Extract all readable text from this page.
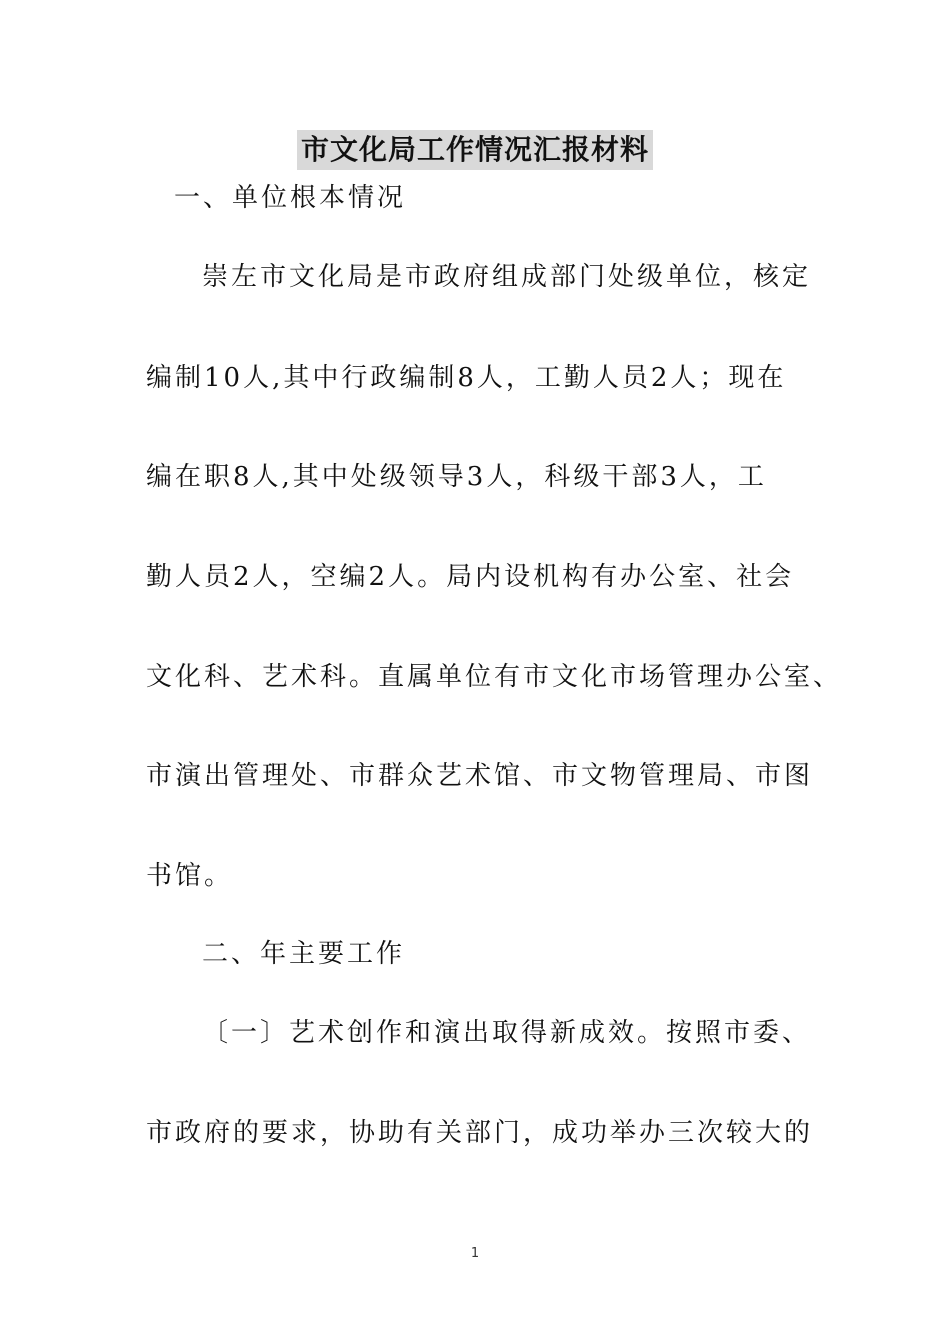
市文化局工作情况汇报材料
一、单位根本情况
崇左市文化局是市政府组成部门处级单位，核定
编制10人,其中行政编制8人，工勤人员2人；现在
编在职8人,其中处级领导3人，科级干部3人，工
勤人员2人，空编2人。局内设机构有办公室、社会
文化科、艺术科。直属单位有市文化市场管理办公室、
市演出管理处、市群众艺术馆、市文物管理局、市图
书馆。
二、年主要工作
〔一〕艺术创作和演出取得新成效。按照市委、
市政府的要求，协助有关部门，成功举办三次较大的
1
